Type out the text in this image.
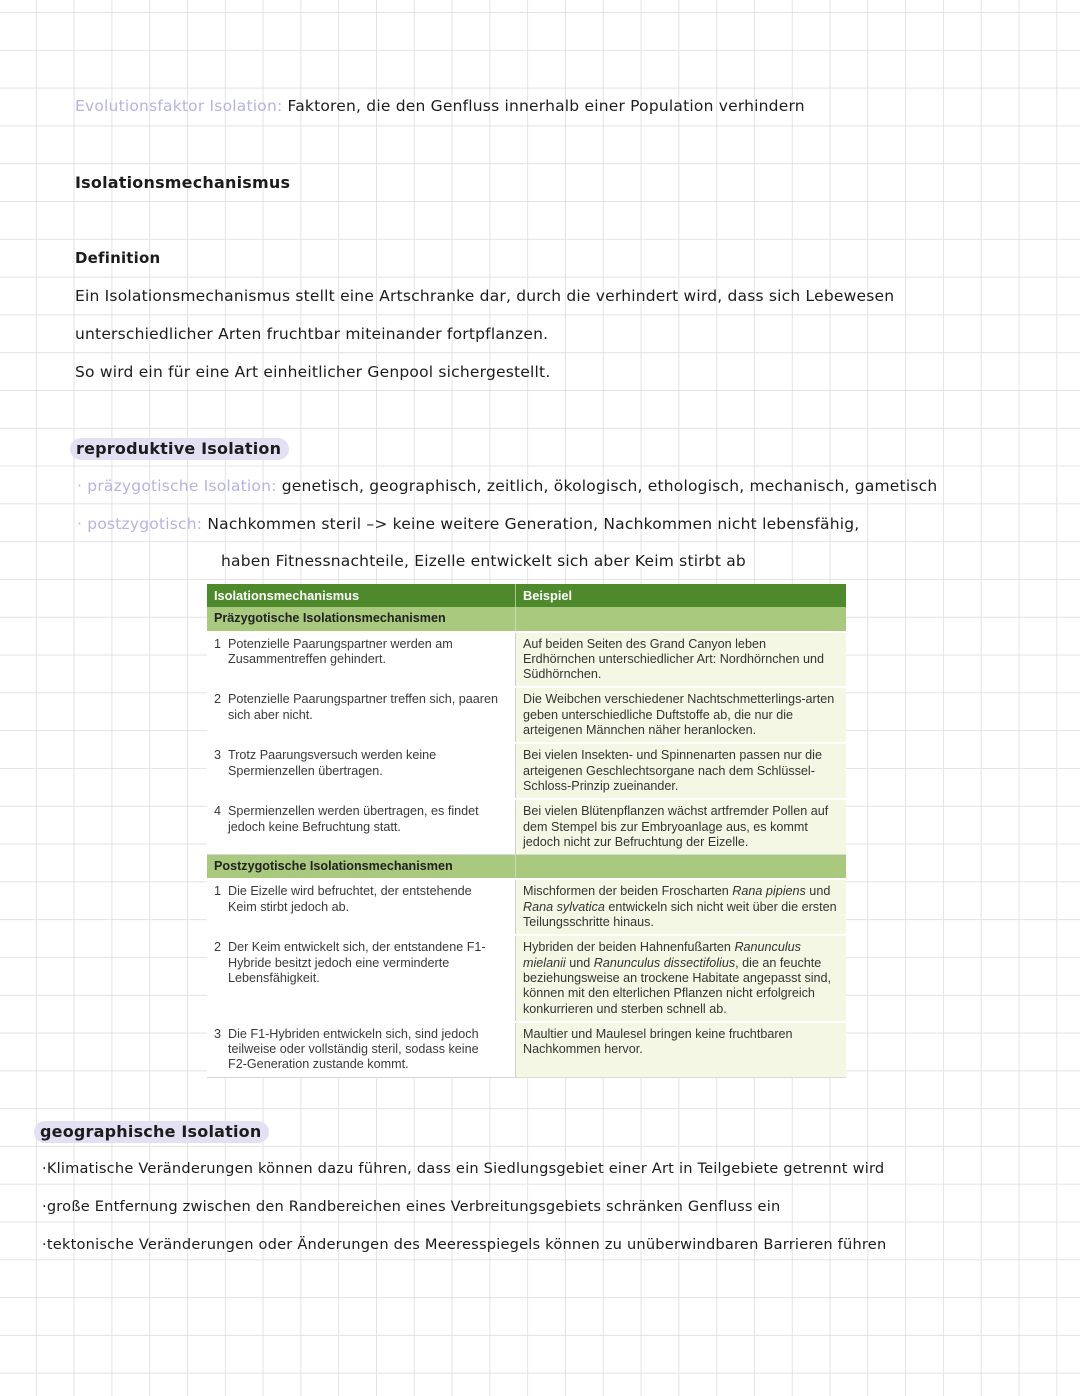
Evolutionsfaktor Isolation: Faktoren, die den Genfluss innerhalb einer Population verhindern
Isolationsmechanismus
Definition
Ein Isolationsmechanismus stellt eine Artschranke dar, durch die verhindert wird, dass sich Lebewesen
unterschiedlicher Arten fruchtbar miteinander fortpflanzen.
So wird ein für eine Art einheitlicher Genpool sichergestellt.
reproduktive Isolation
· präzygotische Isolation: genetisch, geographisch, zeitlich, ökologisch, ethologisch, mechanisch, gametisch
· postzygotisch: Nachkommen steril –> keine weitere Generation, Nachkommen nicht lebensfähig,
haben Fitnessnachteile, Eizelle entwickelt sich aber Keim stirbt ab
Isolationsmechanismus	Beispiel
Präzygotische Isolationsmechanismen	
1 Potenzielle Paarungspartner werden am Zusammentreffen gehindert.	Auf beiden Seiten des Grand Canyon leben Erdhörnchen unterschiedlicher Art: Nordhörnchen und Südhörnchen.
2 Potenzielle Paarungspartner treffen sich, paaren sich aber nicht.	Die Weibchen verschiedener Nachtschmetterlings-arten geben unterschiedliche Duftstoffe ab, die nur die arteigenen Männchen näher heranlocken.
3 Trotz Paarungsversuch werden keine Spermienzellen übertragen.	Bei vielen Insekten- und Spinnenarten passen nur die arteigenen Geschlechtsorgane nach dem Schlüssel-Schloss-Prinzip zueinander.
4 Spermienzellen werden übertragen, es findet jedoch keine Befruchtung statt.	Bei vielen Blütenpflanzen wächst artfremder Pollen auf dem Stempel bis zur Embryoanlage aus, es kommt jedoch nicht zur Befruchtung der Eizelle.
Postzygotische Isolationsmechanismen	
1 Die Eizelle wird befruchtet, der entstehende Keim stirbt jedoch ab.	Mischformen der beiden Froscharten Rana pipiens und Rana sylvatica entwickeln sich nicht weit über die ersten Teilungsschritte hinaus.
2 Der Keim entwickelt sich, der entstandene F1-Hybride besitzt jedoch eine verminderte Lebensfähigkeit.	Hybriden der beiden Hahnenfußarten Ranunculus mielanii und Ranunculus dissectifolius, die an feuchte beziehungsweise an trockene Habitate angepasst sind, können mit den elterlichen Pflanzen nicht erfolgreich konkurrieren und sterben schnell ab.
3 Die F1-Hybriden entwickeln sich, sind jedoch teilweise oder vollständig steril, sodass keine F2-Generation zustande kommt.	Maultier und Maulesel bringen keine fruchtbaren Nachkommen hervor.
geographische Isolation
·Klimatische Veränderungen können dazu führen, dass ein Siedlungsgebiet einer Art in Teilgebiete getrennt wird
·große Entfernung zwischen den Randbereichen eines Verbreitungsgebiets schränken Genfluss ein
·tektonische Veränderungen oder Änderungen des Meeresspiegels können zu unüberwindbaren Barrieren führen
